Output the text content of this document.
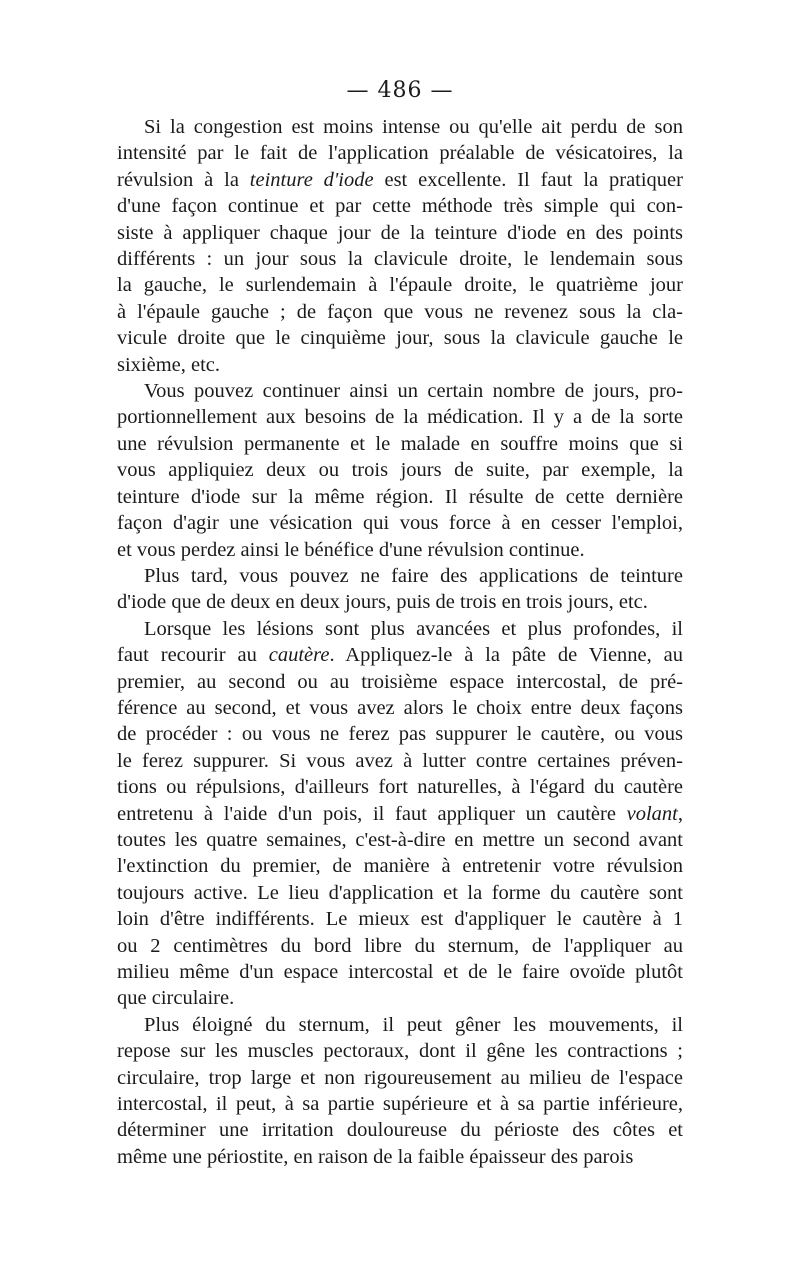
— 486 —

Si la congestion est moins intense ou qu'elle ait perdu de son
intensité par le fait de l'application préalable de vésicatoires, la
révulsion à la teinture d'iode est excellente. Il faut la pratiquer
d'une façon continue et par cette méthode très simple qui con-
siste à appliquer chaque jour de la teinture d'iode en des points
différents : un jour sous la clavicule droite, le lendemain sous
la gauche, le surlendemain à l'épaule droite, le quatrième jour
à l'épaule gauche ; de façon que vous ne revenez sous la cla-
vicule droite que le cinquième jour, sous la clavicule gauche le
sixième, etc.

Vous pouvez continuer ainsi un certain nombre de jours, pro-
portionnellement aux besoins de la médication. Il y a de la sorte
une révulsion permanente et le malade en souffre moins que si
vous appliquiez deux ou trois jours de suite, par exemple, la
teinture d'iode sur la même région. Il résulte de cette dernière
façon d'agir une vésication qui vous force à en cesser l'emploi,
et vous perdez ainsi le bénéfice d'une révulsion continue.

Plus tard, vous pouvez ne faire des applications de teinture
d'iode que de deux en deux jours, puis de trois en trois jours, etc.

Lorsque les lésions sont plus avancées et plus profondes, il
faut recourir au cautère. Appliquez-le à la pâte de Vienne, au
premier, au second ou au troisième espace intercostal, de pré-
férence au second, et vous avez alors le choix entre deux façons
de procéder : ou vous ne ferez pas suppurer le cautère, ou vous
le ferez suppurer. Si vous avez à lutter contre certaines préven-
tions ou répulsions, d'ailleurs fort naturelles, à l'égard du cautère
entretenu à l'aide d'un pois, il faut appliquer un cautère volant,
toutes les quatre semaines, c'est-à-dire en mettre un second avant
l'extinction du premier, de manière à entretenir votre révulsion
toujours active. Le lieu d'application et la forme du cautère sont
loin d'être indifférents. Le mieux est d'appliquer le cautère à 1
ou 2 centimètres du bord libre du sternum, de l'appliquer au
milieu même d'un espace intercostal et de le faire ovoïde plutôt
que circulaire.

Plus éloigné du sternum, il peut gêner les mouvements, il
repose sur les muscles pectoraux, dont il gêne les contractions ;
circulaire, trop large et non rigoureusement au milieu de l'espace
intercostal, il peut, à sa partie supérieure et à sa partie inférieure,
déterminer une irritation douloureuse du périoste des côtes et
même une périostite, en raison de la faible épaisseur des parois
